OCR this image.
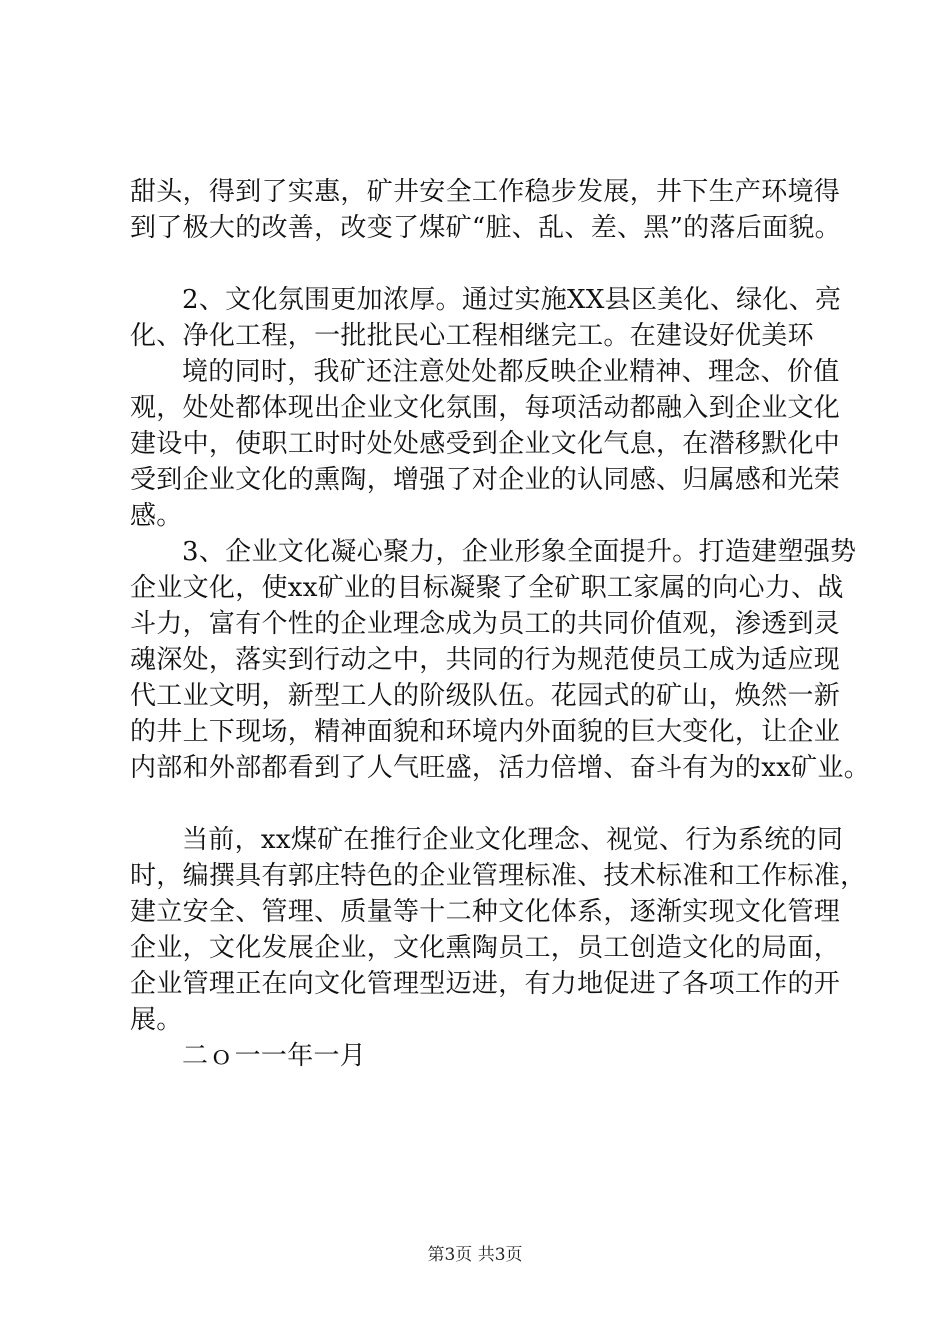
甜头，得到了实惠，矿井安全工作稳步发展，井下生产环境得
到了极大的改善，改变了煤矿“脏、乱、差、黑”的落后面貌。
2、文化氛围更加浓厚。通过实施XX县区美化、绿化、亮
化、净化工程，一批批民心工程相继完工。在建设好优美环
境的同时，我矿还注意处处都反映企业精神、理念、价值
观，处处都体现出企业文化氛围，每项活动都融入到企业文化
建设中，使职工时时处处感受到企业文化气息，在潜移默化中
受到企业文化的熏陶，增强了对企业的认同感、归属感和光荣
感。
3、企业文化凝心聚力，企业形象全面提升。打造建塑强势
企业文化，使xx矿业的目标凝聚了全矿职工家属的向心力、战
斗力，富有个性的企业理念成为员工的共同价值观，渗透到灵
魂深处，落实到行动之中，共同的行为规范使员工成为适应现
代工业文明，新型工人的阶级队伍。花园式的矿山，焕然一新
的井上下现场，精神面貌和环境内外面貌的巨大变化，让企业
内部和外部都看到了人气旺盛，活力倍增、奋斗有为的xx矿业。
当前，xx煤矿在推行企业文化理念、视觉、行为系统的同
时，编撰具有郭庄特色的企业管理标准、技术标准和工作标准，
建立安全、管理、质量等十二种文化体系，逐渐实现文化管理
企业，文化发展企业，文化熏陶员工，员工创造文化的局面，
企业管理正在向文化管理型迈进，有力地促进了各项工作的开
展。
二ｏ一一年一月
第3页 共3页
